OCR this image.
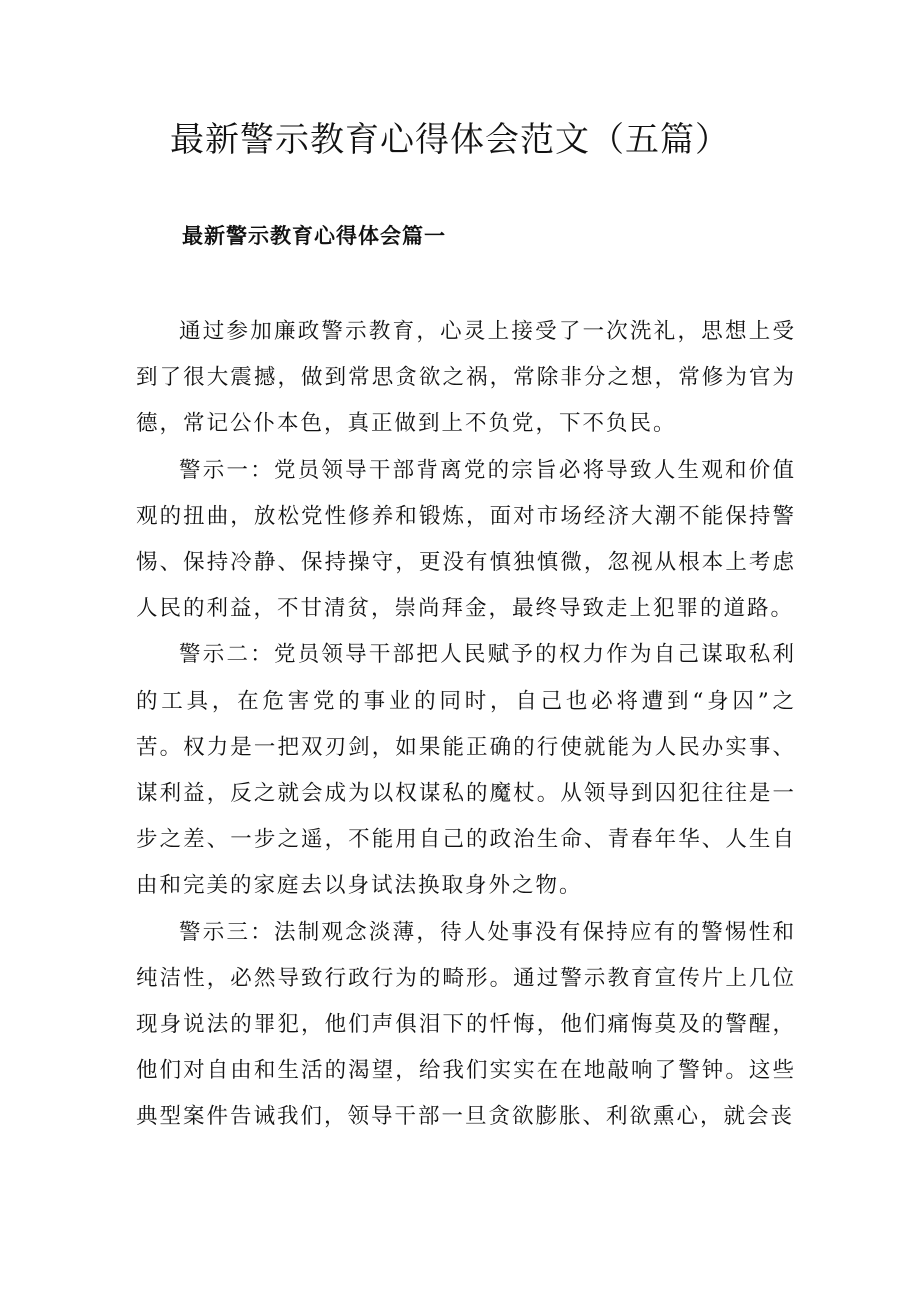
最新警示教育心得体会范文（五篇）
最新警示教育心得体会篇一

通过参加廉政警示教育，心灵上接受了一次洗礼，思想上受到了很大震撼，做到常思贪欲之祸，常除非分之想，常修为官为德，常记公仆本色，真正做到上不负党，下不负民。

警示一：党员领导干部背离党的宗旨必将导致人生观和价值观的扭曲，放松党性修养和锻炼，面对市场经济大潮不能保持警惕、保持冷静、保持操守，更没有慎独慎微，忽视从根本上考虑人民的利益，不甘清贫，崇尚拜金，最终导致走上犯罪的道路。

警示二：党员领导干部把人民赋予的权力作为自己谋取私利的工具，在危害党的事业的同时，自己也必将遭到“身囚”之苦。权力是一把双刃剑，如果能正确的行使就能为人民办实事、谋利益，反之就会成为以权谋私的魔杖。从领导到囚犯往往是一步之差、一步之遥，不能用自己的政治生命、青春年华、人生自由和完美的家庭去以身试法换取身外之物。

警示三：法制观念淡薄，待人处事没有保持应有的警惕性和纯洁性，必然导致行政行为的畸形。通过警示教育宣传片上几位现身说法的罪犯，他们声俱泪下的忏悔，他们痛悔莫及的警醒，他们对自由和生活的渴望，给我们实实在在地敲响了警钟。这些典型案件告诫我们，领导干部一旦贪欲膨胀、利欲熏心，就会丧
